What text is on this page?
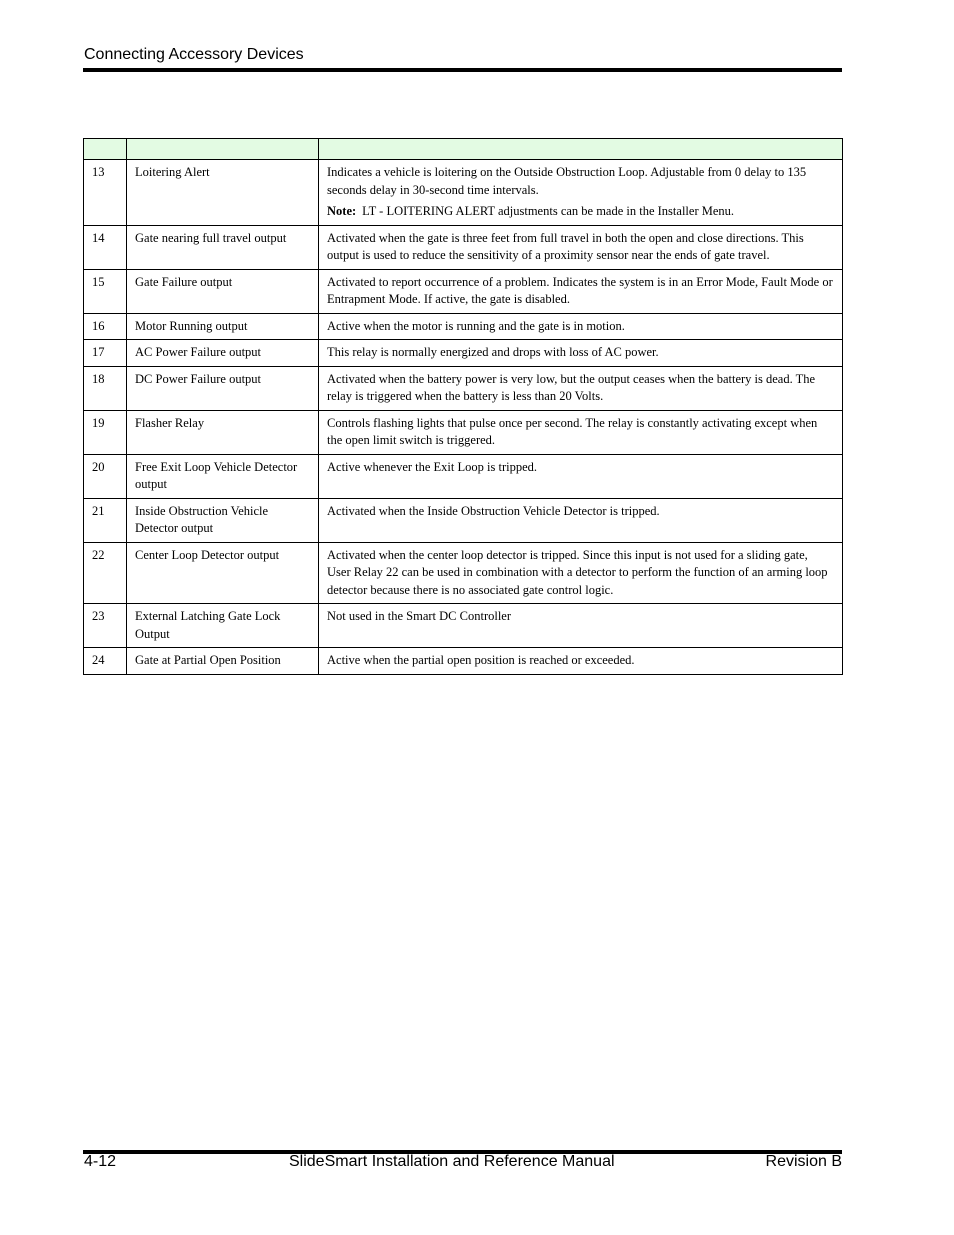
Connecting Accessory Devices

13	Loitering Alert	Indicates a vehicle is loitering on the Outside Obstruction Loop. Adjustable from 0 delay to 135 seconds delay in 30-second time intervals.
Note: LT - LOITERING ALERT adjustments can be made in the Installer Menu.

14	Gate nearing full travel output	Activated when the gate is three feet from full travel in both the open and close directions. This output is used to reduce the sensitivity of a proximity sensor near the ends of gate travel.

15	Gate Failure output	Activated to report occurrence of a problem. Indicates the system is in an Error Mode, Fault Mode or Entrapment Mode. If active, the gate is disabled.

16	Motor Running output	Active when the motor is running and the gate is in motion.

17	AC Power Failure output	This relay is normally energized and drops with loss of AC power.

18	DC Power Failure output	Activated when the battery power is very low, but the output ceases when the battery is dead. The relay is triggered when the battery is less than 20 Volts.

19	Flasher Relay	Controls flashing lights that pulse once per second. The relay is constantly activating except when the open limit switch is triggered.

20	Free Exit Loop Vehicle Detector output	Active whenever the Exit Loop is tripped.

21	Inside Obstruction Vehicle Detector output	Activated when the Inside Obstruction Vehicle Detector is tripped.

22	Center Loop Detector output	Activated when the center loop detector is tripped. Since this input is not used for a sliding gate, User Relay 22 can be used in combination with a detector to perform the function of an arming loop detector because there is no associated gate control logic.

23	External Latching Gate Lock Output	Not used in the Smart DC Controller

24	Gate at Partial Open Position	Active when the partial open position is reached or exceeded.
4-12	SlideSmart Installation and Reference Manual	Revision B
